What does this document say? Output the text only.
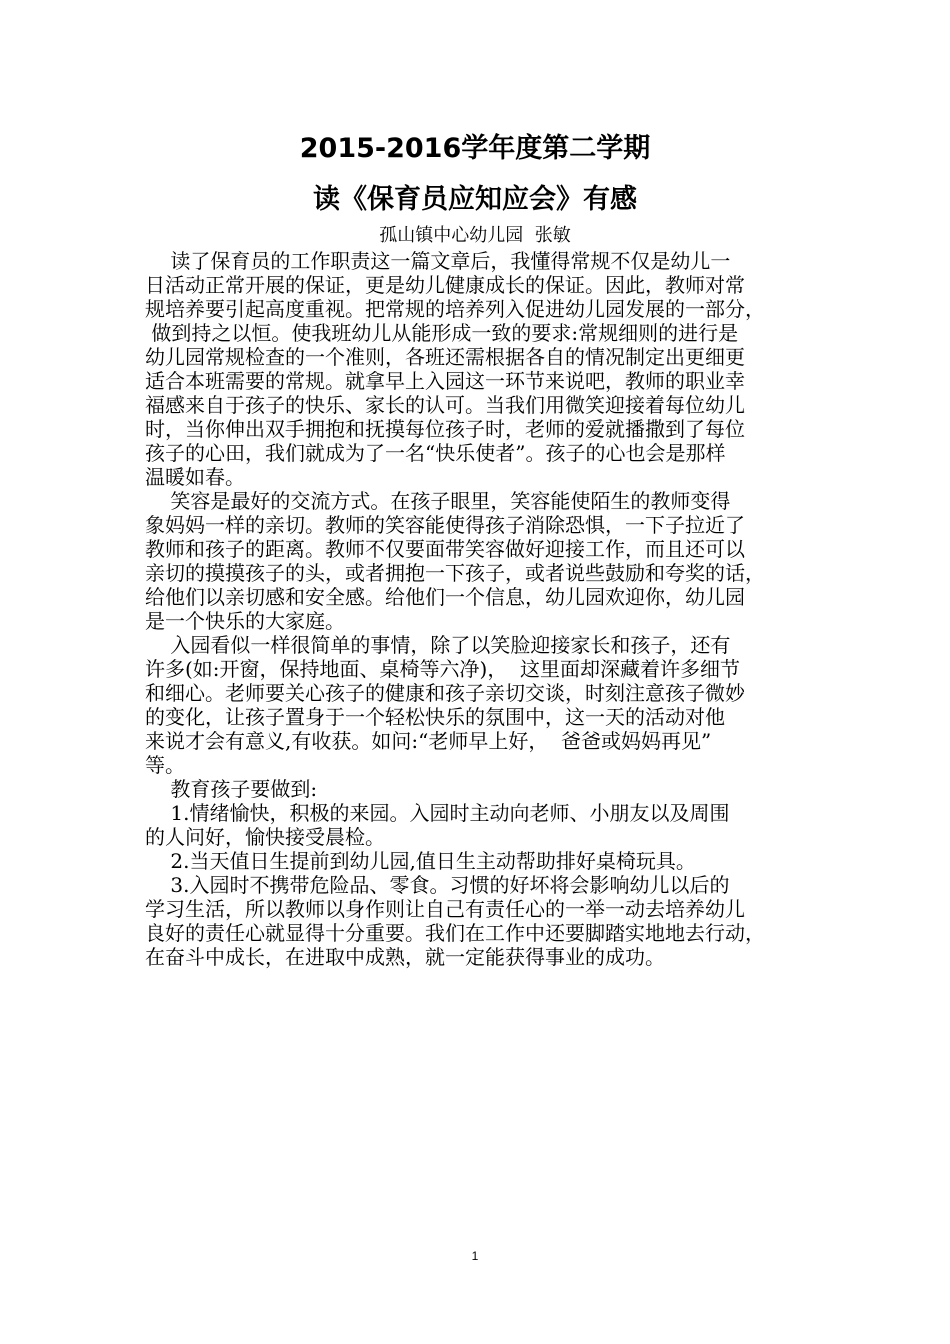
2015-2016学年度第二学期
读《保育员应知应会》有感
孤山镇中心幼儿园  张敏
读了保育员的工作职责这一篇文章后，我懂得常规不仅是幼儿一
日活动正常开展的保证，更是幼儿健康成长的保证。因此，教师对常
规培养要引起高度重视。把常规的培养列入促进幼儿园发展的一部分，
做到持之以恒。使我班幼儿从能形成一致的要求:常规细则的进行是
幼儿园常规检查的一个准则，各班还需根据各自的情况制定出更细更
适合本班需要的常规。就拿早上入园这一环节来说吧，教师的职业幸
福感来自于孩子的快乐、家长的认可。当我们用微笑迎接着每位幼儿
时，当你伸出双手拥抱和抚摸每位孩子时，老师的爱就播撒到了每位
孩子的心田，我们就成为了一名“快乐使者”。孩子的心也会是那样
温暖如春。
笑容是最好的交流方式。在孩子眼里，笑容能使陌生的教师变得
象妈妈一样的亲切。教师的笑容能使得孩子消除恐惧，一下子拉近了
教师和孩子的距离。教师不仅要面带笑容做好迎接工作，而且还可以
亲切的摸摸孩子的头，或者拥抱一下孩子，或者说些鼓励和夸奖的话，
给他们以亲切感和安全感。给他们一个信息，幼儿园欢迎你，幼儿园
是一个快乐的大家庭。
入园看似一样很简单的事情，除了以笑脸迎接家长和孩子，还有
许多(如:开窗，保持地面、桌椅等六净)，  这里面却深藏着许多细节
和细心。老师要关心孩子的健康和孩子亲切交谈，时刻注意孩子微妙
的变化，让孩子置身于一个轻松快乐的氛围中，这一天的活动对他
来说才会有意义,有收获。如问:“老师早上好，  爸爸或妈妈再见”
等。
教育孩子要做到:
1.情绪愉快，积极的来园。入园时主动向老师、小朋友以及周围
的人问好，愉快接受晨检。
2.当天值日生提前到幼儿园,值日生主动帮助排好桌椅玩具。
3.入园时不携带危险品、零食。习惯的好坏将会影响幼儿以后的
学习生活，所以教师以身作则让自己有责任心的一举一动去培养幼儿
良好的责任心就显得十分重要。我们在工作中还要脚踏实地地去行动，
在奋斗中成长，在进取中成熟，就一定能获得事业的成功。
1
